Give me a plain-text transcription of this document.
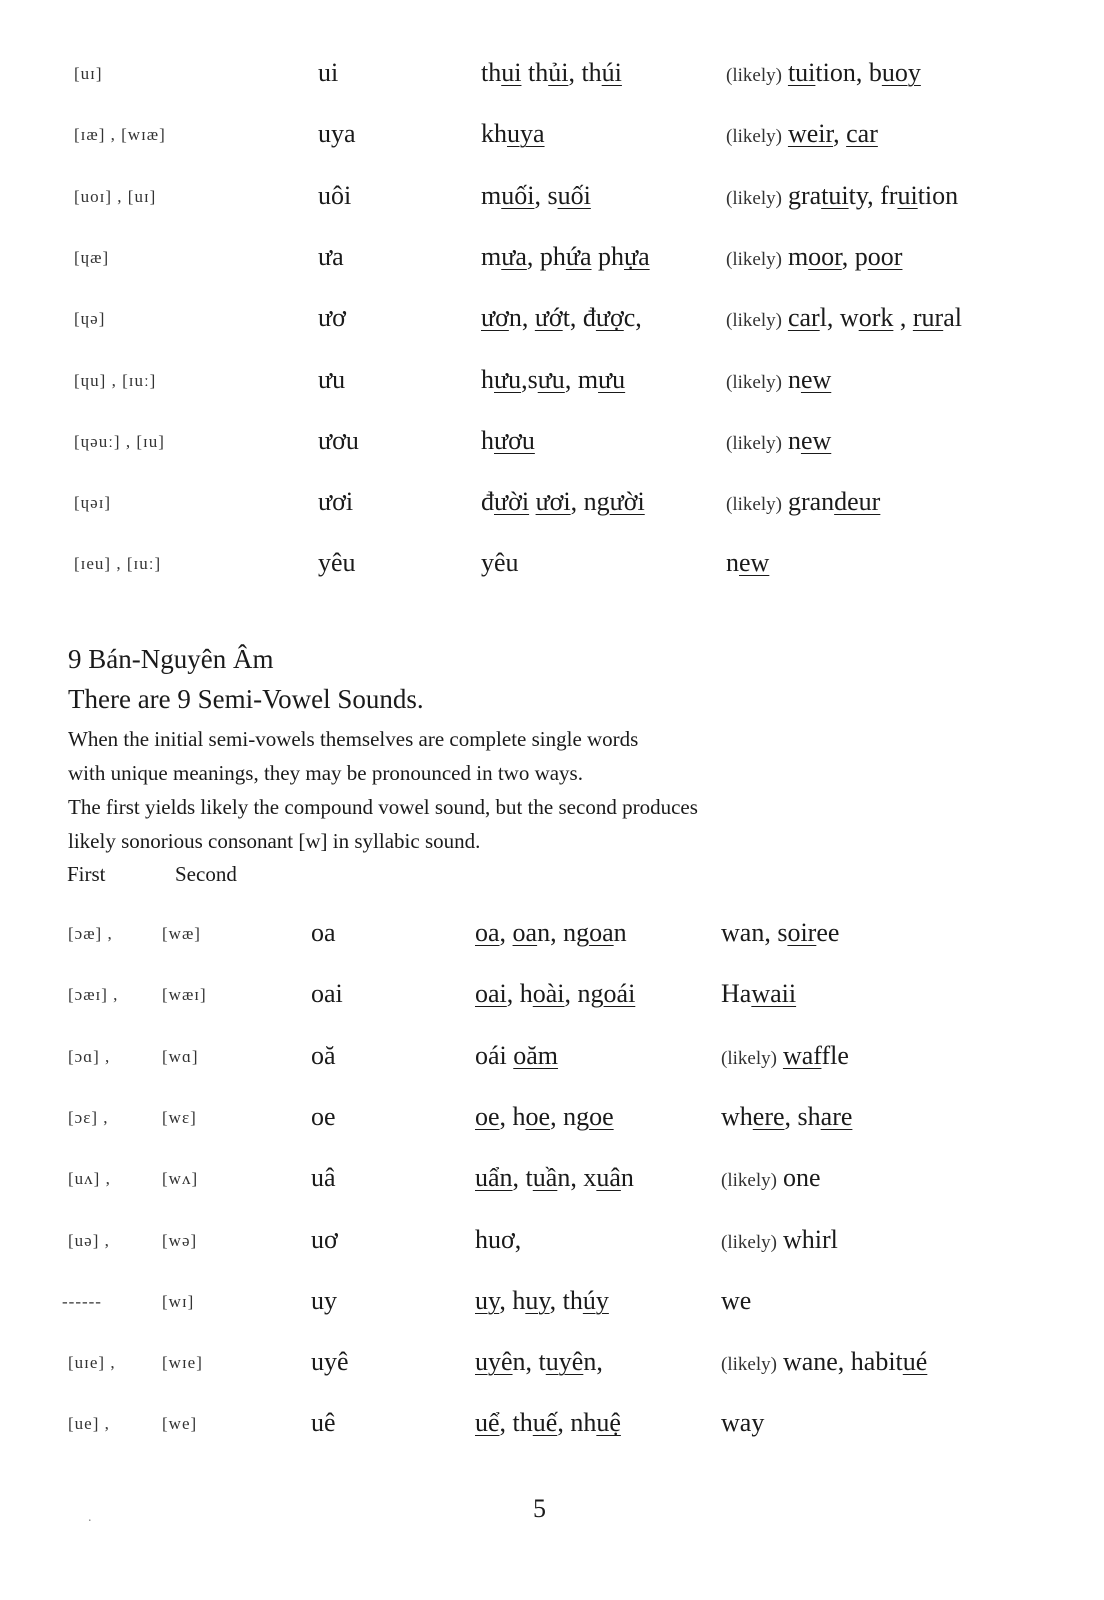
[uɪ]	ui	thui thủi, thúi	(likely) tuition, buoy
[ɪæ] , [wɪæ]	uya	khuya	(likely) weir, car
[uoɪ] , [uɪ]	uôi	muối, suối	(likely) gratuity, fruition
[ɥæ]	ưa	mưa, phứa phựa	(likely) moor, poor
[ɥə]	ươ	ươn, ướt, được,	(likely) carl, work , rural
[ɥu] , [ɪuː]	ưu	hưu,sưu, mưu	(likely) new
[ɥəuː] , [ɪu]	ươu	hươu	(likely) new
[ɥəɪ]	ươi	đười ươi, người	(likely) grandeur
[ɪeu] , [ɪuː]	yêu	yêu	new
9 Bán-Nguyên Âm
There are 9 Semi-Vowel Sounds.
When the initial semi-vowels themselves are complete single words
with unique meanings, they may be pronounced in two ways.
The first yields likely the compound vowel sound, but the second produces
likely sonorious consonant [w] in syllabic sound.
First	Second
[ɔæ] ,	[wæ]	oa	oa, oan, ngoan	wan, soiree
[ɔæɪ] ,	[wæɪ]	oai	oai, hoài, ngoái	Hawaii
[ɔɑ] ,	[wɑ]	oă	oái oăm	(likely) waffle
[ɔɛ] ,	[wɛ]	oe	oe, hoe, ngoe	where, share
[uʌ] ,	[wʌ]	uâ	uẩn, tuần, xuân	(likely) one
[uə] ,	[wə]	uơ	huơ,	(likely) whirl
------	[wɪ]	uy	uy, huy, thúy	we
[uɪe] ,	[wɪe]	uyê	uyên, tuyên,	(likely) wane, habitué
[ue] ,	[we]	uê	uể, thuế, nhuệ	way
.	5
